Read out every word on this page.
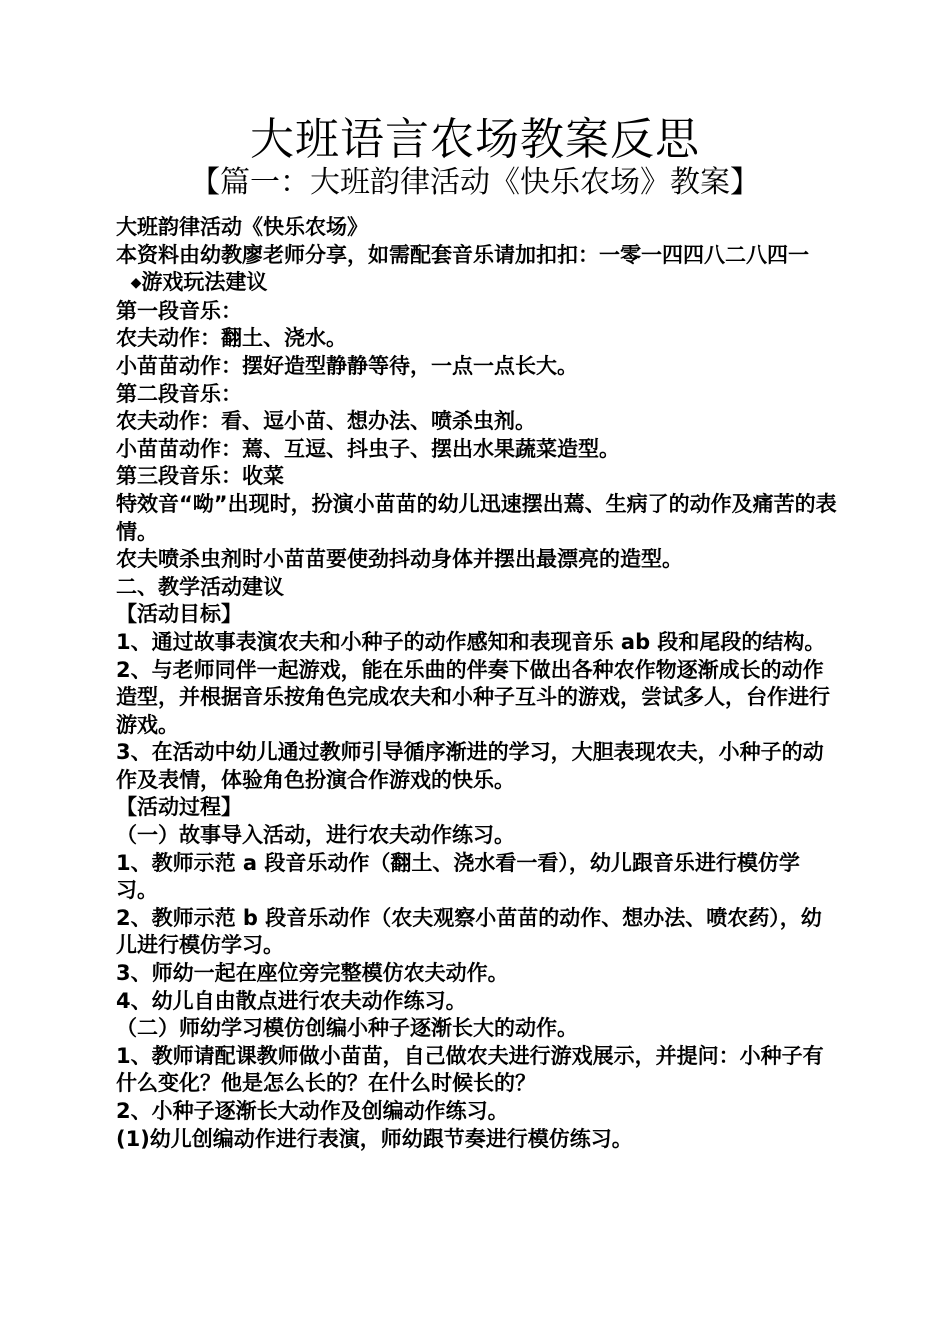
大班语言农场教案反思
【篇一：大班韵律活动《快乐农场》教案】

大班韵律活动《快乐农场》

本资料由幼教廖老师分享，如需配套音乐请加扣扣：一零一四四八二八四一

◆游戏玩法建议

第一段音乐：

农夫动作：翻土、浇水。

小苗苗动作：摆好造型静静等待，一点一点长大。

第二段音乐：

农夫动作：看、逗小苗、想办法、喷杀虫剂。

小苗苗动作：蔫、互逗、抖虫子、摆出水果蔬菜造型。

第三段音乐：收菜

特效音“呦”出现时，扮演小苗苗的幼儿迅速摆出蔫、生病了的动作及痛苦的表情。

农夫喷杀虫剂时小苗苗要使劲抖动身体并摆出最漂亮的造型。

二、教学活动建议

【活动目标】

1、通过故事表演农夫和小种子的动作感知和表现音乐 ab 段和尾段的结构。

2、与老师同伴一起游戏，能在乐曲的伴奏下做出各种农作物逐渐成长的动作造型，并根据音乐按角色完成农夫和小种子互斗的游戏，尝试多人，台作进行游戏。

3、在活动中幼儿通过教师引导循序渐进的学习，大胆表现农夫，小种子的动作及表情，体验角色扮演合作游戏的快乐。

【活动过程】

（一）故事导入活动，进行农夫动作练习。

1、教师示范 a 段音乐动作（翻土、浇水看一看），幼儿跟音乐进行模仿学习。

2、教师示范 b 段音乐动作（农夫观察小苗苗的动作、想办法、喷农药），幼儿进行模仿学习。

3、师幼一起在座位旁完整模仿农夫动作。

4、幼儿自由散点进行农夫动作练习。

（二）师幼学习模仿创编小种子逐渐长大的动作。

1、教师请配课教师做小苗苗，自己做农夫进行游戏展示，并提问：小种子有什么变化？他是怎么长的？在什么时候长的？

2、小种子逐渐长大动作及创编动作练习。

(1)幼儿创编动作进行表演，师幼跟节奏进行模仿练习。
